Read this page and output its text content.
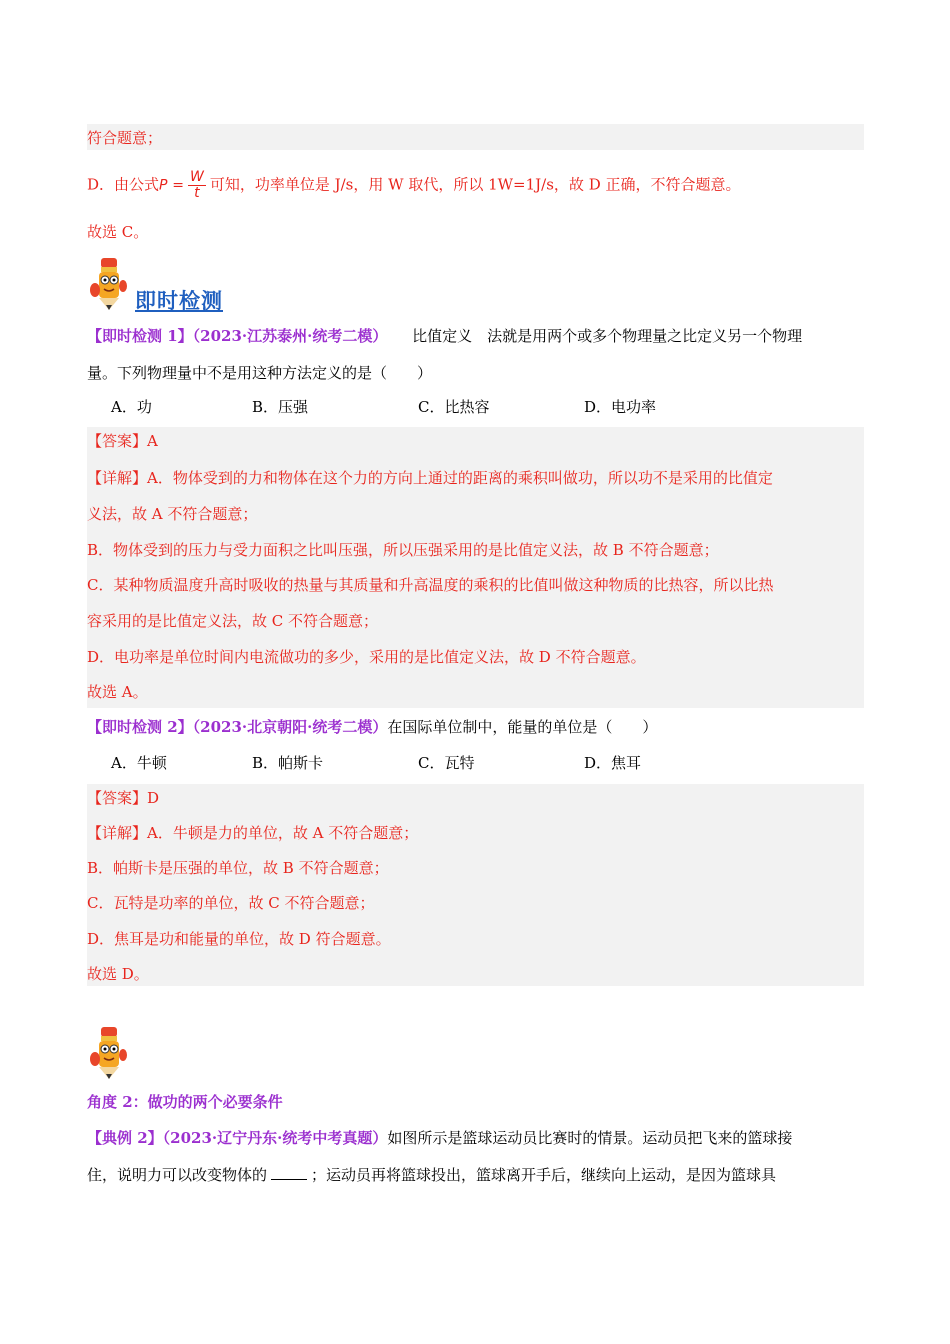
符合题意；
D．由公式$P = \frac{W}{t}$ 可知，功率单位是 J/s，用 W 取代，所以 1W=1J/s，故 D 正确，不符合题意。
故选 C。
即时检测
【即时检测 1】（2023·江苏泰州·统考二模） 比值定义　法就是用两个或多个物理量之比定义另一个物理
量。下列物理量中不是用这种方法定义的是（　　）
A．功	B．压强	C．比热容	D．电功率
【答案】A
【详解】A．物体受到的力和物体在这个力的方向上通过的距离的乘积叫做功，所以功不是采用的比值定
义法，故 A 不符合题意；
B．物体受到的压力与受力面积之比叫压强，所以压强采用的是比值定义法，故 B 不符合题意；
C．某种物质温度升高时吸收的热量与其质量和升高温度的乘积的比值叫做这种物质的比热容，所以比热
容采用的是比值定义法，故 C 不符合题意；
D．电功率是单位时间内电流做功的多少，采用的是比值定义法，故 D 不符合题意。
故选 A。
【即时检测 2】（2023·北京朝阳·统考二模）在国际单位制中，能量的单位是（　　）
A．牛顿	B．帕斯卡	C．瓦特	D．焦耳
【答案】D
【详解】A．牛顿是力的单位，故 A 不符合题意；
B．帕斯卡是压强的单位，故 B 不符合题意；
C．瓦特是功率的单位，故 C 不符合题意；
D．焦耳是功和能量的单位，故 D 符合题意。
故选 D。
角度 2：做功的两个必要条件
【典例 2】（2023·辽宁丹东·统考中考真题）如图所示是篮球运动员比赛时的情景。运动员把飞来的篮球接
住，说明力可以改变物体的	；运动员再将篮球投出，篮球离开手后，继续向上运动，是因为篮球具
